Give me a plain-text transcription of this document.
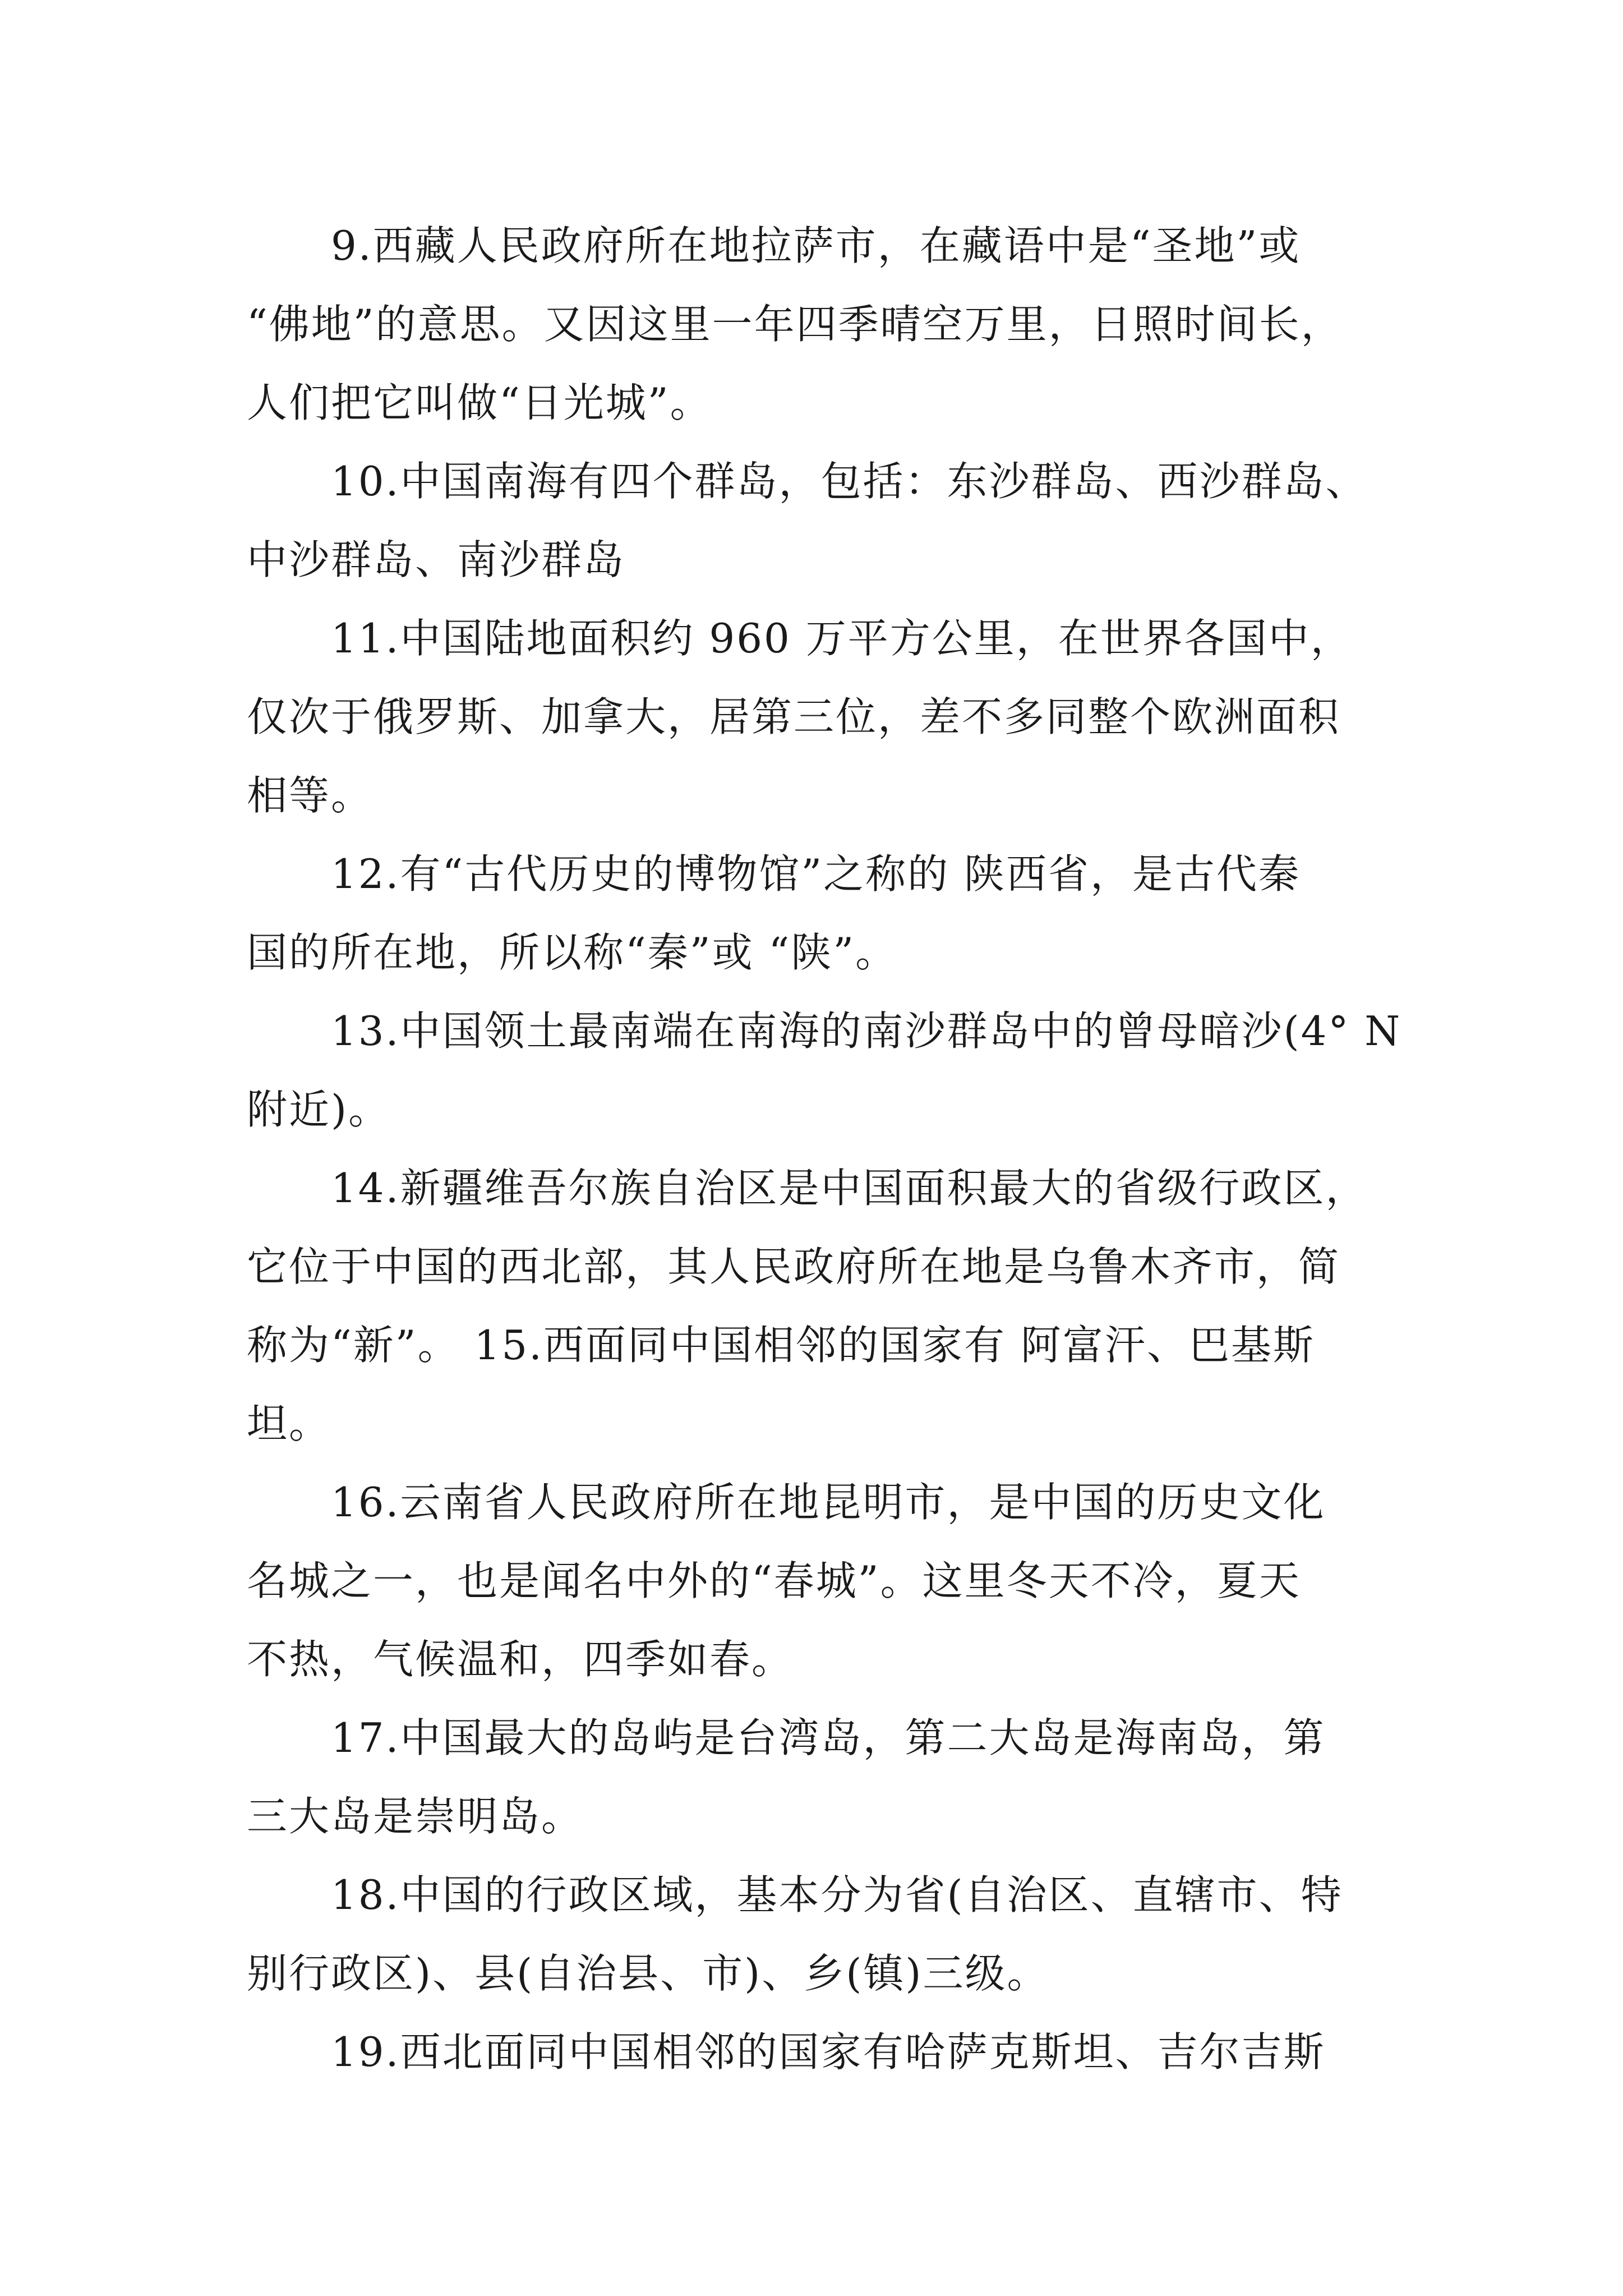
9.西藏人民政府所在地拉萨市，在藏语中是“圣地”或
“佛地”的意思。又因这里一年四季晴空万里，日照时间长，
人们把它叫做“日光城”。
10.中国南海有四个群岛，包括：东沙群岛、西沙群岛、
中沙群岛、南沙群岛
11.中国陆地面积约 960 万平方公里，在世界各国中，
仅次于俄罗斯、加拿大，居第三位，差不多同整个欧洲面积
相等。
12.有“古代历史的博物馆”之称的 陕西省，是古代秦
国的所在地，所以称“秦”或 “陕”。
13.中国领土最南端在南海的南沙群岛中的曾母暗沙(4° N
附近)。
14.新疆维吾尔族自治区是中国面积最大的省级行政区，
它位于中国的西北部，其人民政府所在地是乌鲁木齐市，简
称为“新”。 15.西面同中国相邻的国家有 阿富汗、巴基斯
坦。
16.云南省人民政府所在地昆明市，是中国的历史文化
名城之一，也是闻名中外的“春城”。这里冬天不冷，夏天
不热，气候温和，四季如春。
17.中国最大的岛屿是台湾岛，第二大岛是海南岛，第
三大岛是崇明岛。
18.中国的行政区域，基本分为省(自治区、直辖市、特
别行政区)、县(自治县、市)、乡(镇)三级。
19.西北面同中国相邻的国家有哈萨克斯坦、吉尔吉斯
